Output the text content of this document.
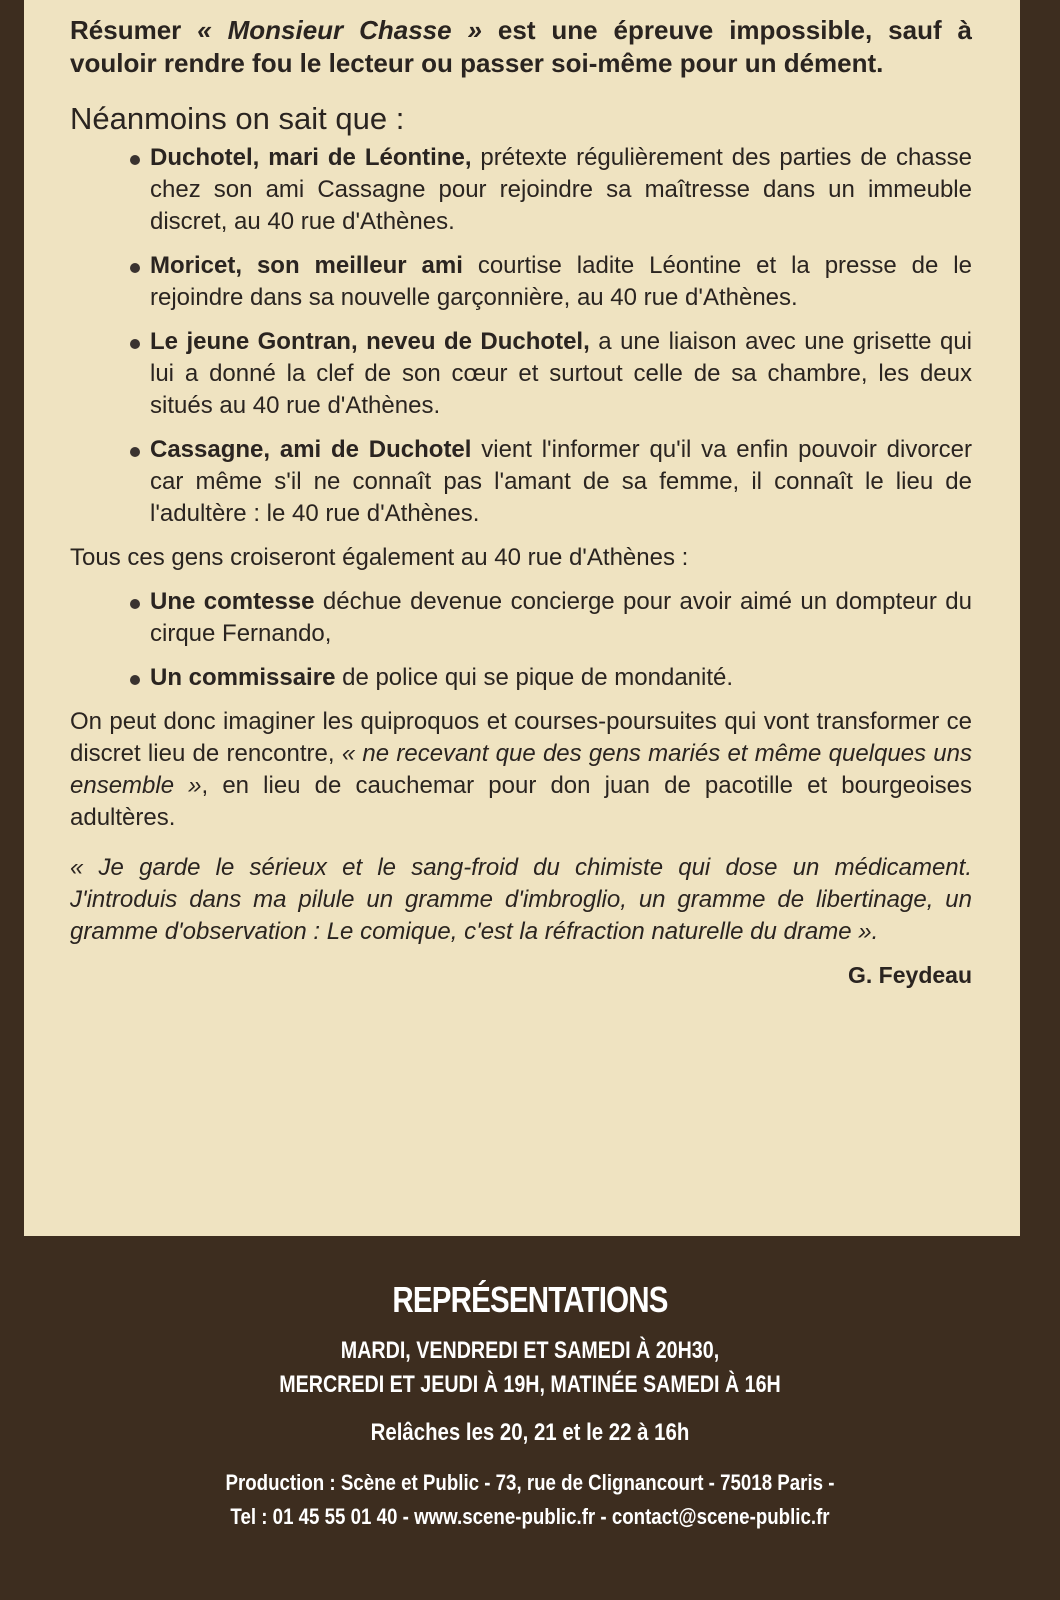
Résumer « Monsieur Chasse » est une épreuve impossible, sauf à vouloir rendre fou le lecteur ou passer soi-même pour un dément.

Néanmoins on sait que :

Duchotel, mari de Léontine, prétexte régulièrement des parties de chasse chez son ami Cassagne pour rejoindre sa maîtresse dans un immeuble discret, au 40 rue d'Athènes.
Moricet, son meilleur ami courtise ladite Léontine et la presse de le rejoindre dans sa nouvelle garçonnière, au 40 rue d'Athènes.
Le jeune Gontran, neveu de Duchotel, a une liaison avec une grisette qui lui a donné la clef de son cœur et surtout celle de sa chambre, les deux situés au 40 rue d'Athènes.
Cassagne, ami de Duchotel vient l'informer qu'il va enfin pouvoir divorcer car même s'il ne connaît pas l'amant de sa femme, il connaît le lieu de l'adultère : le 40 rue d'Athènes.

Tous ces gens croiseront également au 40 rue d'Athènes :

Une comtesse déchue devenue concierge pour avoir aimé un dompteur du cirque Fernando,
Un commissaire de police qui se pique de mondanité.

On peut donc imaginer les quiproquos et courses-poursuites qui vont transformer ce discret lieu de rencontre, « ne recevant que des gens mariés et même quelques uns ensemble », en lieu de cauchemar pour don juan de pacotille et bourgeoises adultères.

« Je garde le sérieux et le sang-froid du chimiste qui dose un médicament. J'introduis dans ma pilule un gramme d'imbroglio, un gramme de libertinage, un gramme d'observation : Le comique, c'est la réfraction naturelle du drame ».

G. Feydeau

REPRÉSENTATIONS
MARDI, VENDREDI ET SAMEDI À 20H30,
MERCREDI ET JEUDI À 19H, MATINÉE SAMEDI À 16H
Relâches les 20, 21 et le 22 à 16h
Production : Scène et Public - 73, rue de Clignancourt - 75018 Paris -
Tel : 01 45 55 01 40 - www.scene-public.fr - contact@scene-public.fr
